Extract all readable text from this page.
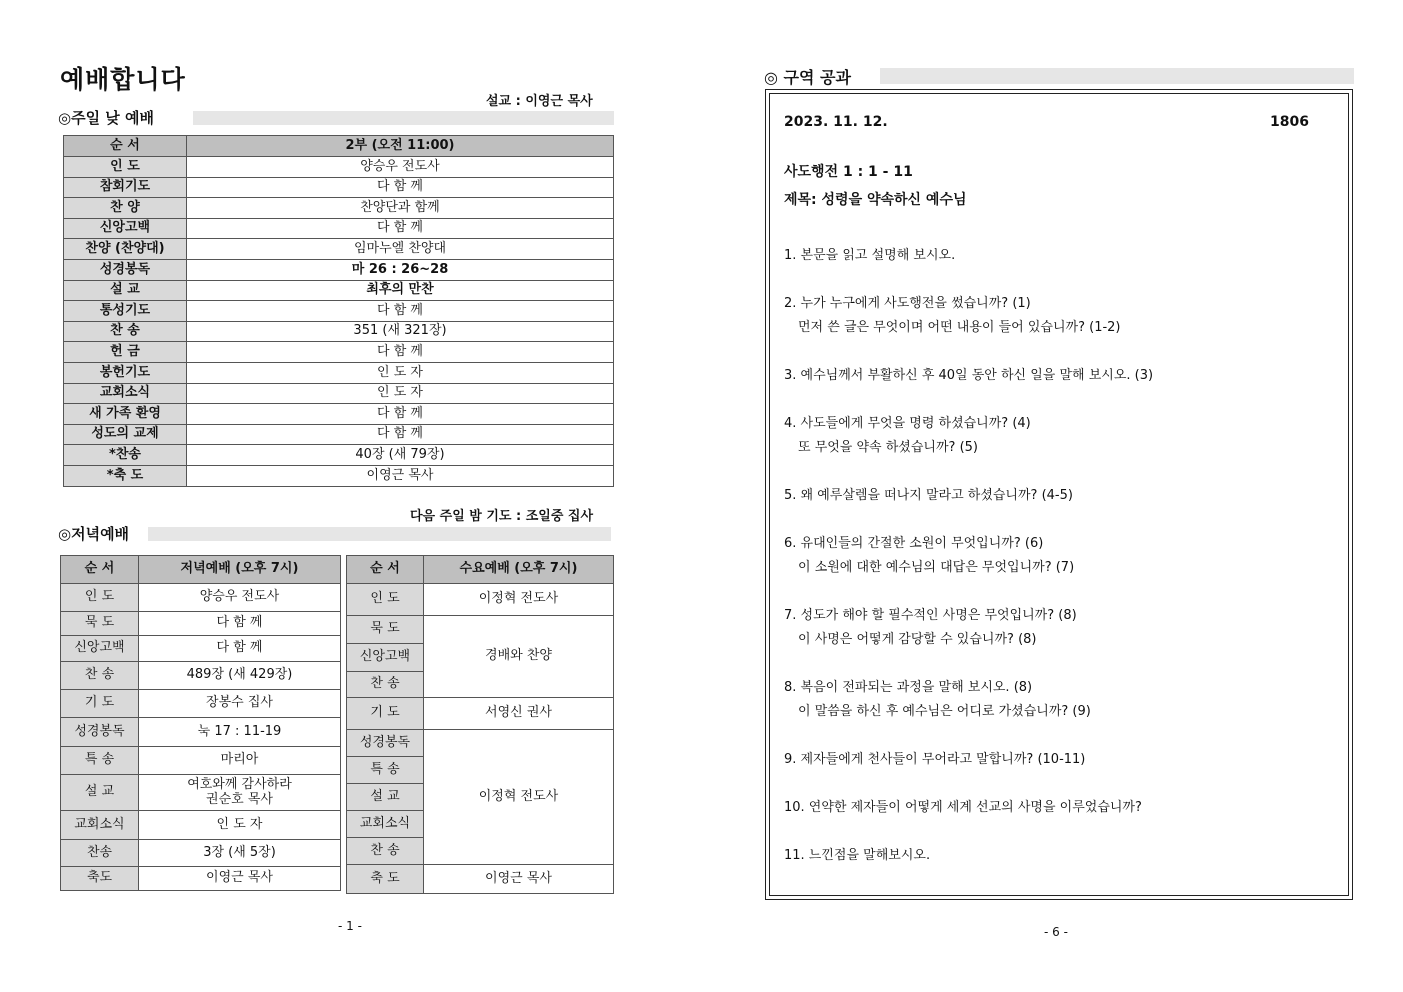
예배합니다
설교 : 이영근 목사
◎주일 낮 예배
순 서	2부 (오전 11:00)
인 도	양승우 전도사
참회기도	다 함 께
찬 양	찬양단과 함께
신앙고백	다 함 께
찬양 (찬양대)	임마누엘 찬양대
성경봉독	마 26 : 26~28
설 교	최후의 만찬
통성기도	다 함 께
찬 송	351 (새 321장)
헌 금	다 함 께
봉헌기도	인 도 자
교회소식	인 도 자
새 가족 환영	다 함 께
성도의 교제	다 함 께
*찬송	40장 (새 79장)
*축 도	이영근 목사
다음 주일 밤 기도 : 조일중 집사
◎저녁예배
순 서	저녁예배 (오후 7시)
인 도	양승우 전도사
묵 도	다 함 께
신앙고백	다 함 께
찬 송	489장 (새 429장)
기 도	장봉수 집사
성경봉독	눅 17 : 11-19
특 송	마리아
설 교	여호와께 감사하라
권순호 목사

교회소식	인 도 자
찬송	3장 (새 5장)
축도	이영근 목사
순 서	수요예배 (오후 7시)
인 도	이정혁 전도사
묵 도	경배와 찬양
신앙고백	
찬 송	
기 도	서영신 권사
성경봉독	이정혁 전도사
특 송	
설 교	
교회소식	
찬 송	
축 도	이영근 목사
- 1 -
◎ 구역 공과
2023. 11. 12.	1806
사도행전 1 : 1 - 11
제목: 성령을 약속하신 예수님
1. 본문을 읽고 설명해 보시오.
2. 누가 누구에게 사도행전을 썼습니까? (1)
먼저 쓴 글은 무엇이며 어떤 내용이 들어 있습니까? (1-2)
3. 예수님께서 부활하신 후 40일 동안 하신 일을 말해 보시오. (3)
4. 사도들에게 무엇을 명령 하셨습니까? (4)
또 무엇을 약속 하셨습니까? (5)
5. 왜 예루살렘을 떠나지 말라고 하셨습니까? (4-5)
6. 유대인들의 간절한 소원이 무엇입니까? (6)
이 소원에 대한 예수님의 대답은 무엇입니까? (7)
7. 성도가 해야 할 필수적인 사명은 무엇입니까? (8)
이 사명은 어떻게 감당할 수 있습니까? (8)
8. 복음이 전파되는 과정을 말해 보시오. (8)
이 말씀을 하신 후 예수님은 어디로 가셨습니까? (9)
9. 제자들에게 천사들이 무어라고 말합니까? (10-11)
10. 연약한 제자들이 어떻게 세계 선교의 사명을 이루었습니까?
11. 느낀점을 말해보시오.
- 6 -
